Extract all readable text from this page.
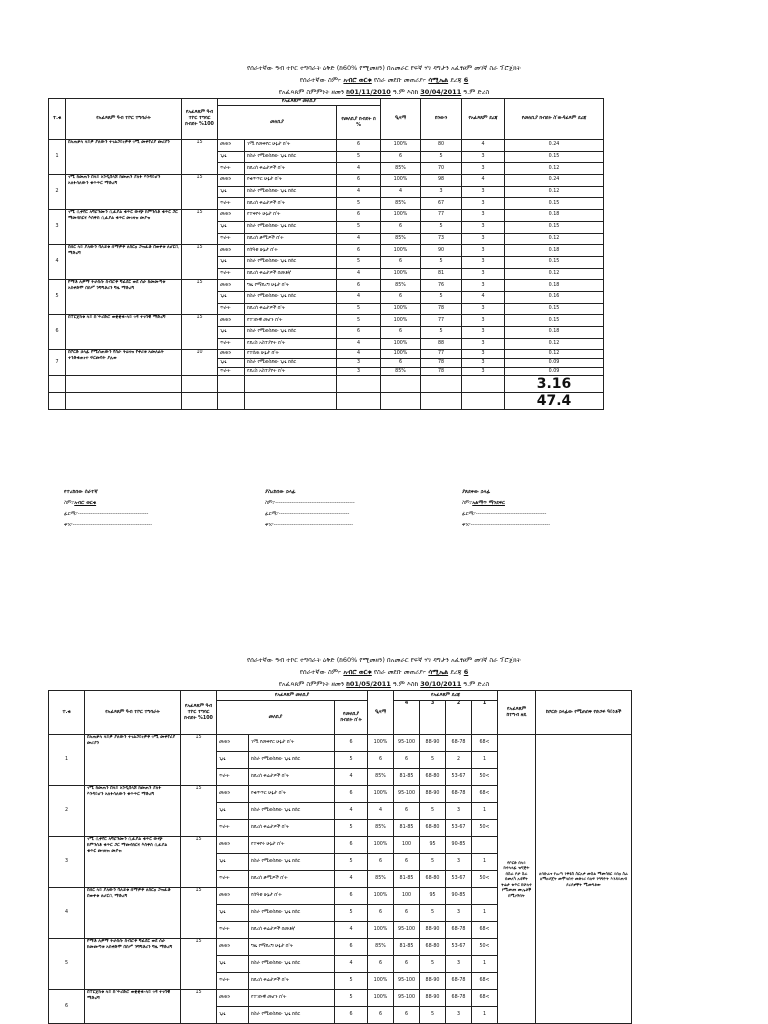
የሰራተኛው ዓብ ተኮር ተግባራት ዕቅድ (ከ60% የሚመዘን) በአመራር የፍኛ ሃገ ዳግታን አፈፃፀም መገኛ ስራ ፕሮጀክት
የሰራተኛው ስም፦ አብሮ ወርቁ የስራ መደቡ መጠሪያ፦ ሳሚኤል ደረጃ 6
የአፈጻጸም ስምምነት ዘመን ከ01/11/2010 ዓ.ም እስከ 30/04/2011 ዓ.ም ድረስ
ተ.ቁ	የአፈጻጸም ዓብ ተኮር ተግባራት	የአፈጻጸም ዓብ ተኮር ተግባር ክብደት %100	የአፈጻጸም መለኪያ			ዒላማ	ክንውን	የአፈጻጸም ደረጃ	የመለኪያ ክብደት ስ'ውዳፈጻም ደረጃ
			መለኪያ		የመለኪያ ክብደት በ %				
1	በአጠቃላ ላይዎ ያለውን ተገልጋይነዎች ገሚ መቀየሪያ መሪያን	15	መጠን	ገሚ የመቀየር ሁኔታ በ'ት	6	100%	80	4	0.24
			ጊዜ	ከስራ የሚወስደው ጊዜ በሰር	5	6	5	3	0.15
			ጥራት	ከደረሰ ቅሬታዎች በ'ት	4	85%	70	3	0.12
2	ገሚ ከመጠን በላይ አንዲበላሸ ከመጠን ያለፉ እንዳይሆን አለፉሳለውን ቁጥጥር ማድረግ	15	መጠን	የቁጥጥር ሁኔታ በ'ት	6	100%	98	4	0.24
			ጊዜ	ከስራ የሚወስደው ጊዜ በሰር	4	4	3	3	0.12
			ጥራት	ከደረሰ ቅሬታዎች በ'ት	5	85%	67	3	0.15
3	ገሚ ሲቀየር አግሮንሙን ሲፈያል ቁጥር ውጭ ከምንሰቶ ቁጥር ጋር ማመሳከርና እስቅስ ሲፈያል ቁጥር መገዛዝ መያዝ	15	መጠን	የተቀየሩ ሁኔታ በ'ት	6	100%	77	3	0.18
			ጊዜ	ከስራ የሚወስደው ጊዜ በሰር	5	6	5	3	0.15
			ጥራት	ከደረሰ ቃሚዎች በ'ት	4	85%	73	3	0.12
4	በሰር ላይ ያለውን ባለ3ቱ ሰማዎች ለስርዐ ጋዝፈቆ በወቀቱ ለሆርቢ ማድረግ	15	መጠን	የሰዓቱ ሁኔታ በ'ት	6	100%	90	3	0.18
			ጊዜ	ከስራ የሚወስደው ጊዜ በሰር	5	6	5	3	0.15
			ጥራት	ከደረሰ ቅሬታዎች በመቶኛ	4	100%	81	3	0.12
5	የማቶ ለዎማ ትራስሱ ስብሮች ግፈደር ወደ ሰራ ከመመጣቱ አስቀድሞ በስሥ ንግግቶሪን ግዜ ማድረግ	15	መጠን	ግዜ የማደረግ ሁኔታ በ'ት	6	85%	76	3	0.18
			ጊዜ	ከስራ የሚወስደው ጊዜ በሰር	4	6	5	4	0.16
			ጥራት	ከደረሰ ቅሬታዎች በ'ት	5	100%	78	3	0.15
6	በፐርጀክቱ ላይ ስ'ጥሪድሮ ወቋቋቁ-ላይ ገዳ ተገባዊ ማድረግ	15	መጠን	የተገቡዊ መሆን በ'ት	5	100%	77	3	0.15
			ጊዜ	ከስራ የሚወስደው ጊዜ በሰር	6	6	5	3	0.18
			ጥራት	የደረስ አስተያየት በ'ት	4	100%	88	3	0.12
7	በቦርድ ኃላፊ የሚሰጠውን የስራ ትዕዛዝ የቀሪቱ አመለልት ተንድቁጠነተ ፍርመባት ያሉወ	10	መጠን	የተሰጠ ሁኔታ በ'ት	4	100%	77	3	0.12
			ጊዜ	ከስራ የሚወስደው ጊዜ በሰር	3	6	78	3	0.09
			ጥራት	የደረስ አስተያየት በ'ት	3	85%	78	3	0.09
									3.16
									47.4
የተረከበው ሰራተኛ
ስም፦አብሮ ወርቁ
ፊርማ፦---------------------------------------
ቀን፦--------------------------------------------
ያስረከበው ኃላፊ
ስም፦--------------------------------------------
ፊርማ፦---------------------------------------
ቀን፦--------------------------------------------
ያጸደቀው ኃላፊ
ስም፦አልማጥ ማንደፍር
ፊርማ፦---------------------------------------
ቀን፦--------------------------------------------
የሰራተኛው ዓብ ተኮር ተግባራት ዕቅድ (ከ60% የሚመዘን) በአመራር የፍኛ ሃገ ዳግታን አፈፃፀም መገኛ ስራ ፕሮጀክት
የሰራተኛው ስም፦ አብሮ ወርቁ የስራ መደቡ መጠሪያ፦ ሳሚኤል ደረጃ 6
የአፈጻጸም ስምምነት ዘመን ከ01/05/2011 ዓ.ም እስከ 30/10/2011 ዓ.ም ድረስ
ተ.ቁ	የአፈጻጸም ዓብ ተኮር ተግባራት	የአፈጻጸም ዓብ ተኮር ተግባር ክብደት %100	የአፈጻጸም መለኪያ			ዒላማ	የአፈጻጸም ደረጃ				የአፈጻጸም ከተግብ ዘዴ	ከቦርድ ኃላፊው የሚጠበቅ የድጋፍ ዓይነቶች
			መለኪያ		የመለኪያ ክብደት በ'ት		4	3	2	1		
1	በአጠቃላ ላይዎ ያለውን ተገልጋይነዎች ገሚ መቀየሪያ መሪያን	15	መጠን	ገሚ የመቀየር ሁኔታ በ'ት	6	100%	95-100	88-90	68-78	68<	የቦርድ በላይ ከተላላፊ ዝግጅት በስራ ቦታ ስራ በመለካ አዳኛት ቅሬታ ቁጥር ከሁለተ የሚመጡ ሙሌቶች ከሚነኙበት	ለባቡራና የሎጣ ንዋዩስ ስርአዎ መስል ማመሳክር ይበዐ ስራ ለማዘጋጀት መሞላበተ መድገሪ ባለፍ ንግግዮት እንዳይጠብ ያረያቃቸት ሚመግቶው
			ጊዜ	ከስራ የሚወስደው ጊዜ በሰር	5	6	6	5	2	1		
			ጥራት	ከደረሰ ቅሬታዎች በ'ት	4	85%	81-85	68-80	53-67	50<		
2	ገሚ ከመጠን በላይ አንዲበላሸ ከመጠን ያለፉ እንዳይሆን አለፉሳለውን ቁጥጥር ማድረግ	15	መጠን	የቁጥጥር ሁኔታ በ'ት	6	100%	95-100	88-90	68-78	68<		
			ጊዜ	ከስራ የሚወስደው ጊዜ በሰር	4	4	6	5	3	1		
			ጥራት	ከደረሰ ቅሬታዎች በ'ት	5	85%	81-85	68-80	53-67	50<		
3	ገሚ ሲቀየር አግሮንሙን ሲፈያል ቁጥር ውጭ ከምንሰቶ ቁጥር ጋር ማመሳከርና እስቅስ ሲፈያል ቁጥር መገዛዝ መያዝ	15	መጠን	የተቀየሩ ሁኔታ በ'ት	6	100%	100	95	90-85			
			ጊዜ	ከስራ የሚወስደው ጊዜ በሰር	5	6	6	5	3	1		
			ጥራት	ከደረሰ ቃሚዎች በ'ት	4	85%	81-85	68-80	53-67	50<		
4	በሰር ላይ ያለውን ባለ3ቱ ሰማዎች ለስርዐ ጋዝፈቆ በወቀቱ ለሆርቢ ማድረግ	15	መጠን	የሰዓቱ ሁኔታ በ'ት	6	100%	100	95	90-85			
			ጊዜ	ከስራ የሚወስደው ጊዜ በሰር	5	6	6	5	3	1		
			ጥራት	ከደረሰ ቅሬታዎች በመቶኛ	4	100%	95-100	88-90	68-78	68<		
5	የማቶ ለዎማ ትራስሱ ስብሮች ግፈደር ወደ ሰራ ከመመጣቱ አስቀድሞ በስሥ ንግግቶሪን ግዜ ማድረግ	15	መጠን	ግዜ የማደረግ ሁኔታ በ'ት	6	85%	81-85	68-80	53-67	50<		
			ጊዜ	ከስራ የሚወስደው ጊዜ በሰር	4	6	6	5	3	1		
			ጥራት	ከደረሰ ቅሬታዎች በ'ት	5	100%	95-100	88-90	68-78	68<		
6	በፐርጀክቱ ላይ ስ'ጥሪድሮ ወቋቋቁ-ላይ ገዳ ተገባዊ ማድረግ	15	መጠን	የተገቡዊ መሆን በ'ት	5	100%	95-100	88-90	68-78	68<		
			ጊዜ	ከስራ የሚወስደው ጊዜ በሰር	6	6	6	5	3	1		
